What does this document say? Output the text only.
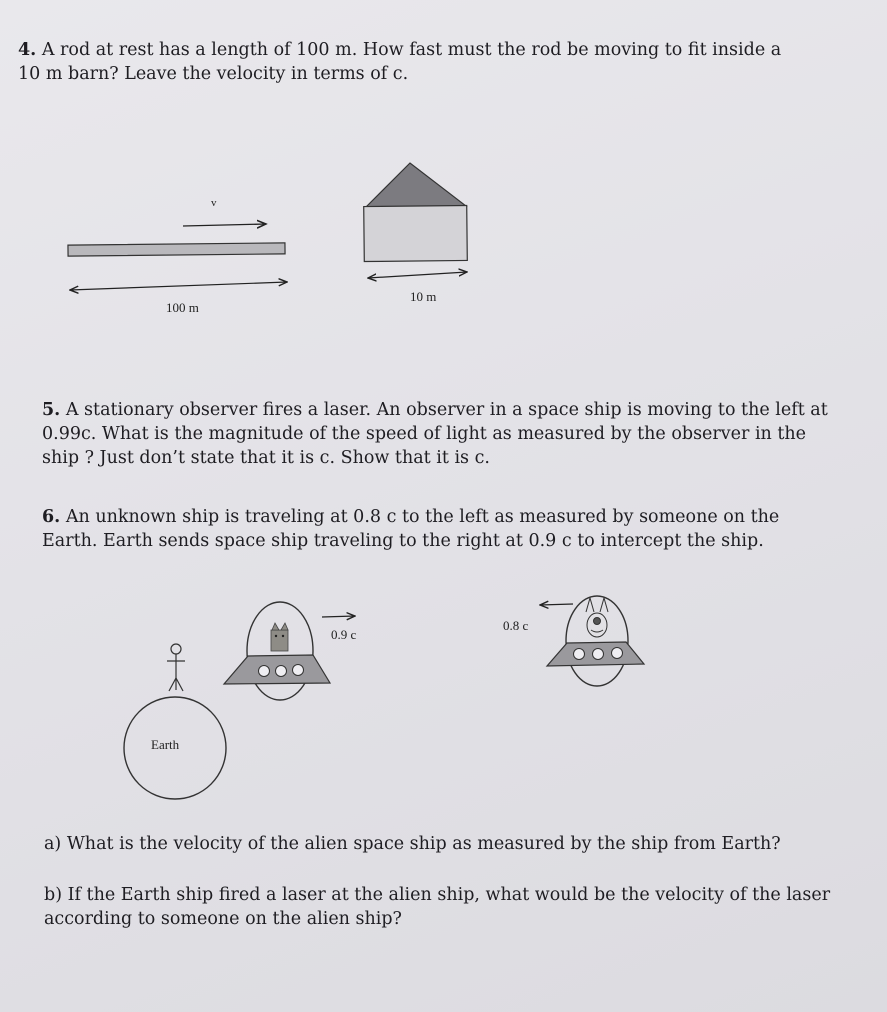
4. A rod at rest has a length of 100 m. How fast must the rod be moving to fit inside a
10 m barn? Leave the velocity in terms of c.
v
100 m
10 m
5. A stationary observer fires a laser. An observer in a space ship is moving to the left at
0.99c. What is the magnitude of the speed of light as measured by the observer in the
ship ? Just don’t state that it is c. Show that it is c.
6. An unknown ship is traveling at 0.8 c to the left as measured by someone on the
Earth. Earth sends space ship traveling to the right at 0.9 c to intercept the ship.
Earth
0.9 c
0.8 c
a) What is the velocity of the alien space ship as measured by the ship from Earth?
b) If the Earth ship fired a laser at the alien ship, what would be the velocity of the laser
according to someone on the alien ship?
